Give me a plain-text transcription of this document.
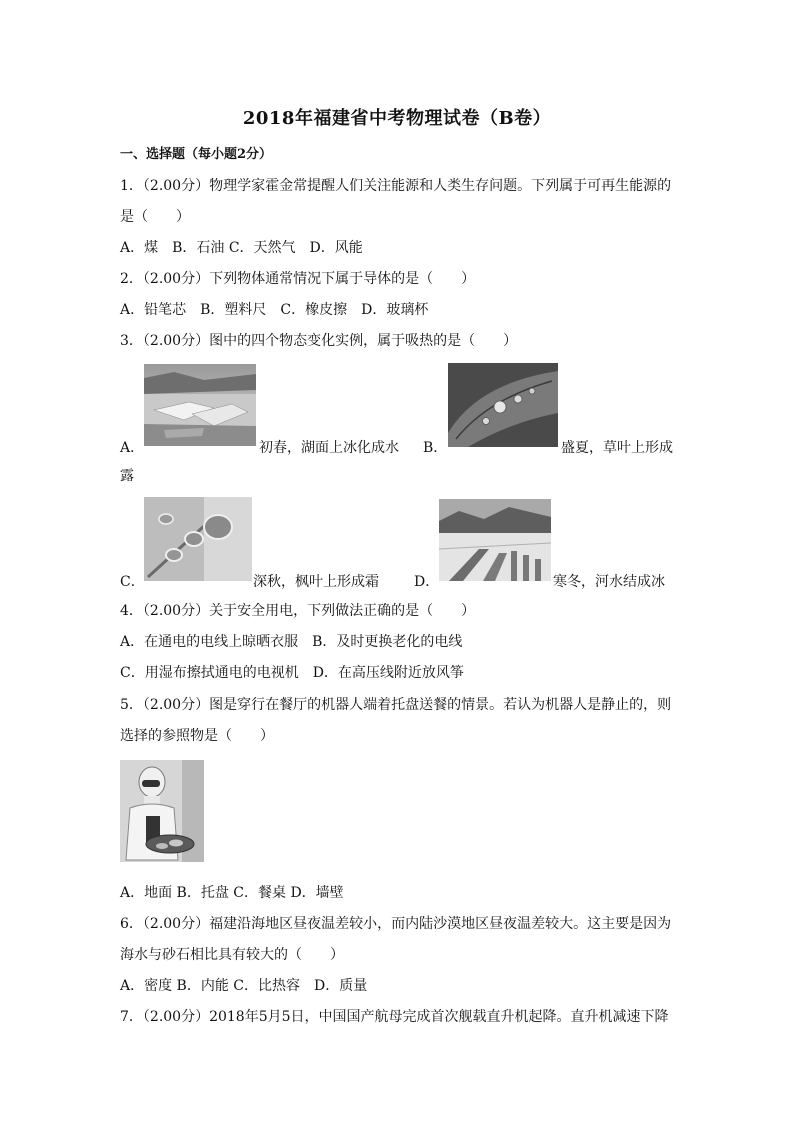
2018年福建省中考物理试卷（B卷）
一、选择题（每小题2分）
1．（2.00分）物理学家霍金常提醒人们关注能源和人类生存问题。下列属于可再生能源的
是（　　）
A．煤　B．石油 C．天然气　D．风能
2．（2.00分）下列物体通常情况下属于导体的是（　　）
A．铅笔芯　B．塑料尺　C．橡皮擦　D．玻璃杯
3．（2.00分）图中的四个物态变化实例，属于吸热的是（　　）
A．	初春，湖面上冰化成水 B．	盛夏，草叶上形成
露
C．	深秋，枫叶上形成霜	D．	寒冬，河水结成冰
4．（2.00分）关于安全用电，下列做法正确的是（　　）
A．在通电的电线上晾晒衣服　B．及时更换老化的电线
C．用湿布擦拭通电的电视机　D．在高压线附近放风筝
5．（2.00分）图是穿行在餐厅的机器人端着托盘送餐的情景。若认为机器人是静止的，则
选择的参照物是（　　）
A．地面 B．托盘 C．餐桌 D．墙壁
6．（2.00分）福建沿海地区昼夜温差较小，而内陆沙漠地区昼夜温差较大。这主要是因为
海水与砂石相比具有较大的（　　）
A．密度 B．内能 C．比热容　D．质量
7．（2.00分）2018年5月5日，中国国产航母完成首次舰载直升机起降。直升机减速下降
